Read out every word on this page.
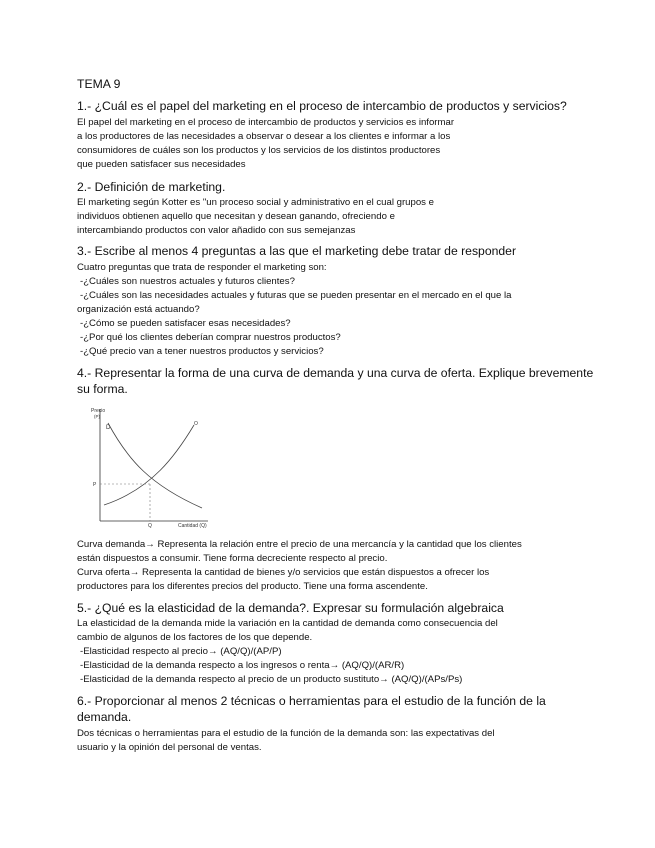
TEMA 9

1.- ¿Cuál es el papel del marketing en el proceso de intercambio de productos y servicios?

El papel del marketing en el proceso de intercambio de productos y servicios es informar

a los productores de las necesidades a observar o desear a los clientes e informar a los

consumidores de cuáles son los productos y los servicios de los distintos productores

que pueden satisfacer sus necesidades

2.- Definición de marketing.

El marketing según Kotter es "un proceso social y administrativo en el cual grupos e

individuos obtienen aquello que necesitan y desean ganando, ofreciendo e

intercambiando productos con valor añadido con sus semejanzas

3.- Escribe al menos 4 preguntas a las que el marketing debe tratar de responder

Cuatro preguntas que trata de responder el marketing son:

-¿Cuáles son nuestros actuales y futuros clientes?

-¿Cuáles son las necesidades actuales y futuras que se pueden presentar en el mercado en el que la

organización está actuando?

-¿Cómo se pueden satisfacer esas necesidades?

-¿Por qué los clientes deberían comprar nuestros productos?

-¿Qué precio van a tener nuestros productos y servicios?

4.- Representar la forma de una curva de demanda y una curva de oferta. Explique brevemente

su forma.

Precio
(P)
D
O
P
Q	Cantidad (Q)

Curva demanda→ Representa la relación entre el precio de una mercancía y la cantidad que los clientes

están dispuestos a consumir. Tiene forma decreciente respecto al precio.

Curva oferta→ Representa la cantidad de bienes y/o servicios que están dispuestos a ofrecer los

productores para los diferentes precios del producto. Tiene una forma ascendente.

5.- ¿Qué es la elasticidad de la demanda?. Expresar su formulación algebraica

La elasticidad de la demanda mide la variación en la cantidad de demanda como consecuencia del

cambio de algunos de los factores de los que depende.

-Elasticidad respecto al precio→ (AQ/Q)/(AP/P)

-Elasticidad de la demanda respecto a los ingresos o renta→ (AQ/Q)/(AR/R)

-Elasticidad de la demanda respecto al precio de un producto sustituto→ (AQ/Q)/(APs/Ps)

6.- Proporcionar al menos 2 técnicas o herramientas para el estudio de la función de la

demanda.

Dos técnicas o herramientas para el estudio de la función de la demanda son: las expectativas del

usuario y la opinión del personal de ventas.
